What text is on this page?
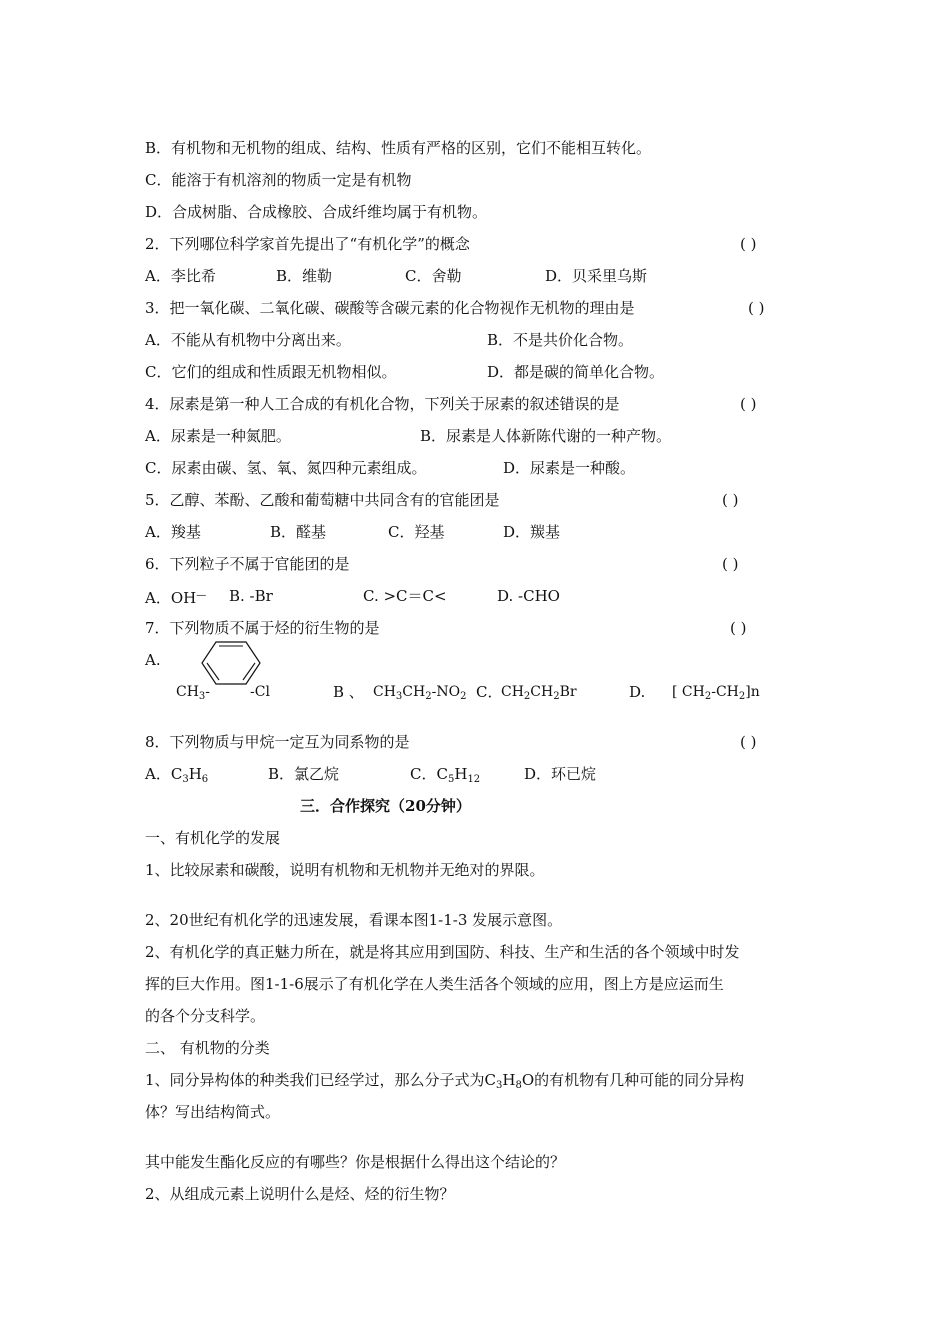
B．有机物和无机物的组成、结构、性质有严格的区别，它们不能相互转化。
C．能溶于有机溶剂的物质一定是有机物
D．合成树脂、合成橡胶、合成纤维均属于有机物。
2．下列哪位科学家首先提出了“有机化学”的概念	( )
A．李比希	B．维勒	C．舍勒	D．贝采里乌斯
3．把一氧化碳、二氧化碳、碳酸等含碳元素的化合物视作无机物的理由是	( )
A．不能从有机物中分离出来。	B．不是共价化合物。
C．它们的组成和性质跟无机物相似。	D．都是碳的简单化合物。
4．尿素是第一种人工合成的有机化合物，下列关于尿素的叙述错误的是	( )
A．尿素是一种氮肥。	B．尿素是人体新陈代谢的一种产物。
C．尿素由碳、氢、氧、氮四种元素组成。	D．尿素是一种酸。
5．乙醇、苯酚、乙酸和葡萄糖中共同含有的官能团是	( )
A．羧基	B．醛基	C．羟基	D．羰基
6．下列粒子不属于官能团的是	( )
A．OH— B. -Br	C. >C＝C<	D. -CHO
7．下列物质不属于烃的衍生物的是	( )
A.
$CH_3-$	-Cl	B 、 $CH_3CH_2-NO_2$ C．
$CH_2CH_2Br$	D. [ $CH_2-CH_2]n$
8．下列物质与甲烷一定互为同系物的是	( )
A．$C_3H_6$	B．氯乙烷	C．$C_5H_{12}$	D．环已烷
三．合作探究（20分钟）
一、有机化学的发展
1、比较尿素和碳酸，说明有机物和无机物并无绝对的界限。
2、20世纪有机化学的迅速发展，看课本图1-1-3 发展示意图。
2、有机化学的真正魅力所在，就是将其应用到国防、科技、生产和生活的各个领域中时发
挥的巨大作用。图1-1-6展示了有机化学在人类生活各个领域的应用，图上方是应运而生
的各个分支科学。
二、 有机物的分类
1、同分异构体的种类我们已经学过，那么分子式为$C_3H_8O$的有机物有几种可能的同分异构
体？写出结构简式。
其中能发生酯化反应的有哪些？你是根据什么得出这个结论的？
2、从组成元素上说明什么是烃、烃的衍生物？
